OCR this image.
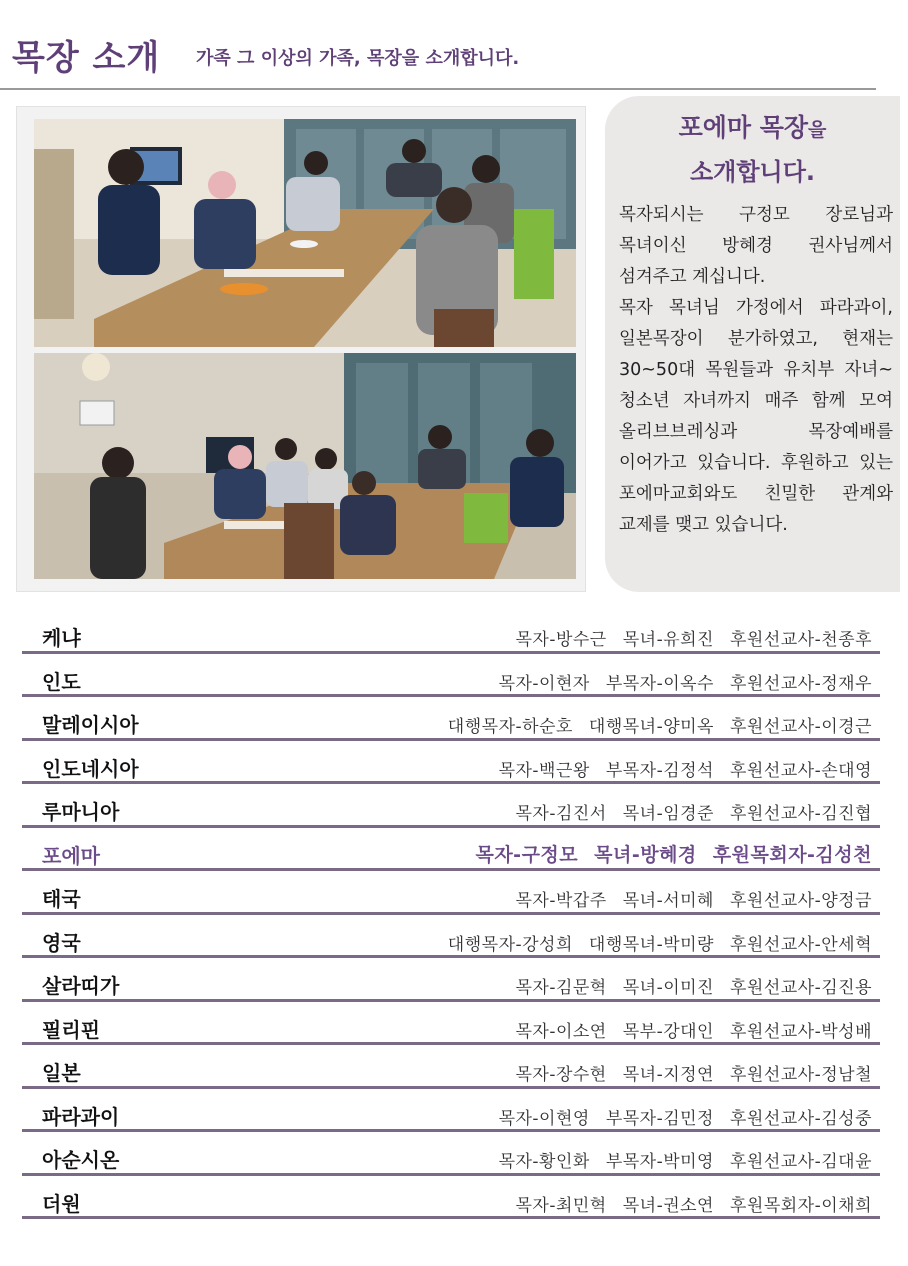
목장 소개 가족 그 이상의 가족, 목장을 소개합니다.
포에마 목장을
소개합니다.

목자되시는 구정모 장로님과 목녀이신 방혜경 권사님께서 섬겨주고 계십니다.

목자 목녀님 가정에서 파라과이, 일본목장이 분가하였고, 현재는 30~50대 목원들과 유치부 자녀~청소년 자녀까지 매주 함께 모여 올리브브레싱과 목장예배를 이어가고 있습니다. 후원하고 있는 포에마교회와도 친밀한 관계와 교제를 맺고 있습니다.

케냐	목자-방수근 목녀-유희진 후원선교사-천종후
인도	목자-이현자 부목자-이옥수 후원선교사-정재우
말레이시아	대행목자-하순호 대행목녀-양미옥 후원선교사-이경근
인도네시아	목자-백근왕 부목자-김정석 후원선교사-손대영
루마니아	목자-김진서 목녀-임경준 후원선교사-김진협
포에마	목자-구정모 목녀-방혜경 후원목회자-김성천
태국	목자-박갑주 목녀-서미혜 후원선교사-양정금
영국	대행목자-강성희 대행목녀-박미량 후원선교사-안세혁
살라띠가	목자-김문혁 목녀-이미진 후원선교사-김진용
필리핀	목자-이소연 목부-강대인 후원선교사-박성배
일본	목자-장수현 목녀-지정연 후원선교사-정남철
파라과이	목자-이현영 부목자-김민정 후원선교사-김성중
아순시온	목자-황인화 부목자-박미영 후원선교사-김대윤
더원	목자-최민혁 목녀-권소연 후원목회자-이채희
